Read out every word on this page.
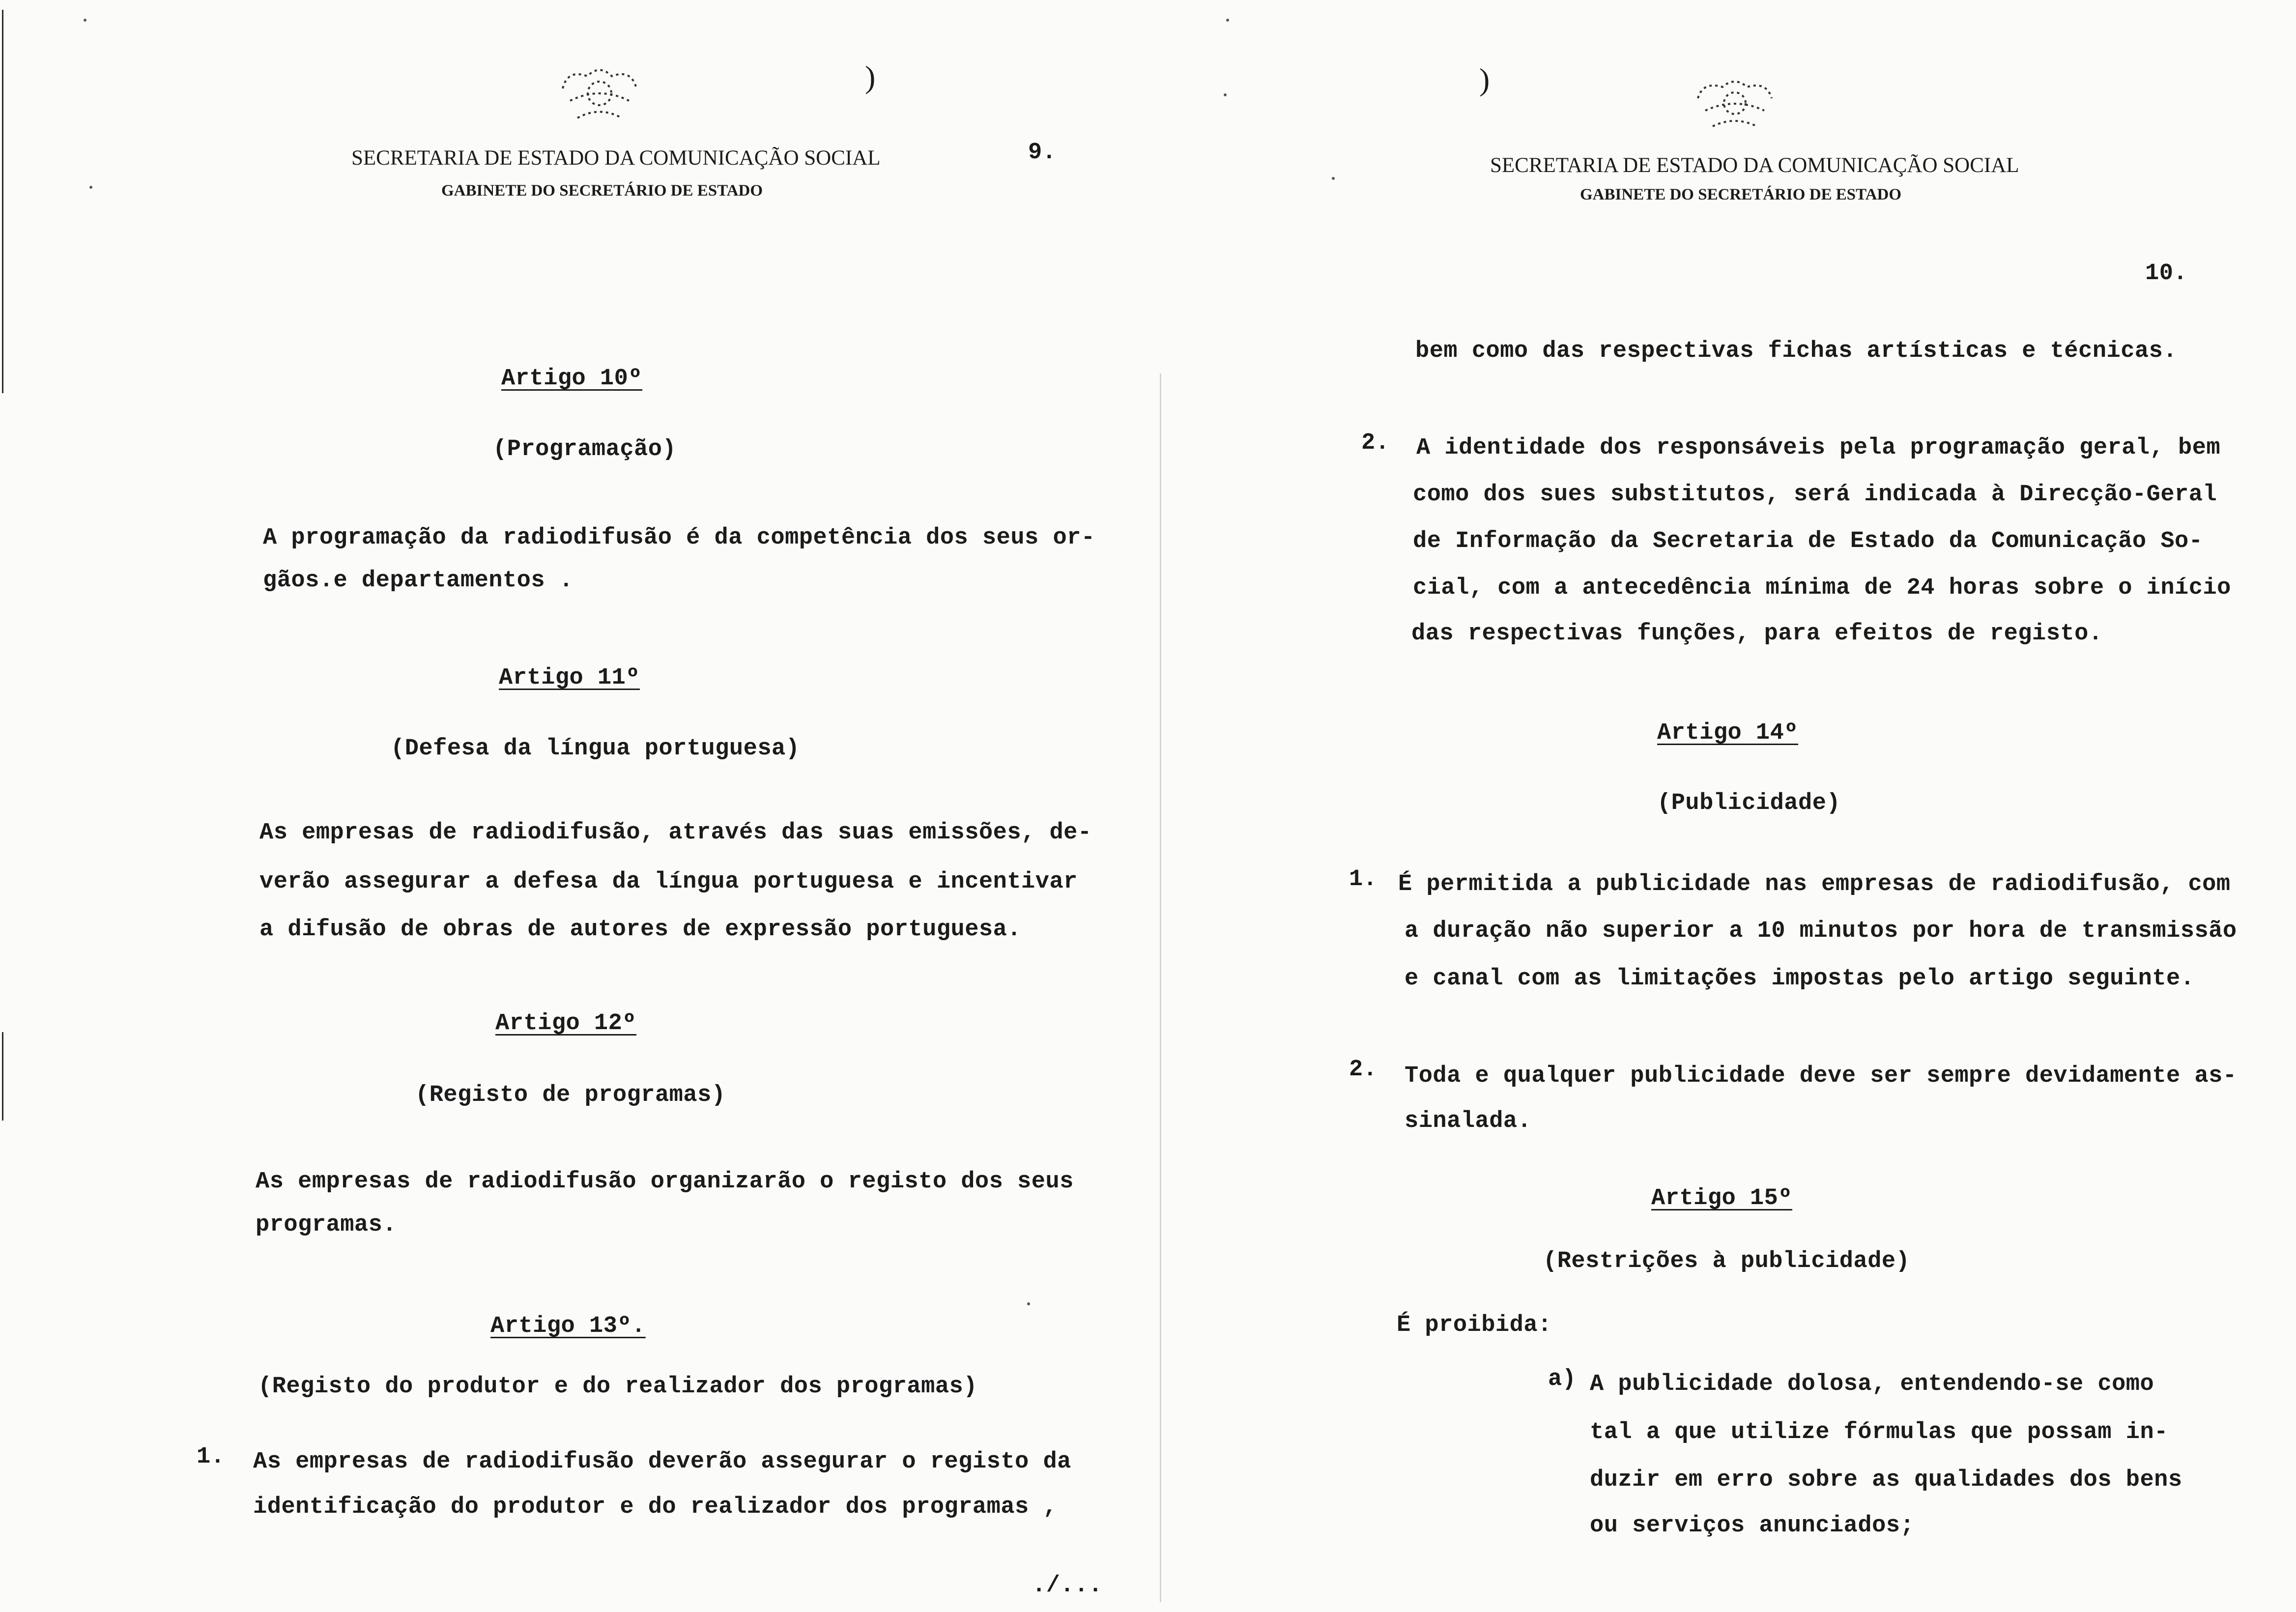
SECRETARIA DE ESTADO DA COMUNICAÇÃO SOCIAL
GABINETE DO SECRETÁRIO DE ESTADO
)
9.
Artigo 10º
(Programação)
A programação da radiodifusão é da competência dos seus or-
gãos.e departamentos .
Artigo 11º
(Defesa da língua portuguesa)
As empresas de radiodifusão, através das suas emissões, de-
verão assegurar a defesa da língua portuguesa e incentivar
a difusão de obras de autores de expressão portuguesa.
Artigo 12º
(Registo de programas)
As empresas de radiodifusão organizarão o registo dos seus
programas.
Artigo 13º.
(Registo do produtor e do realizador dos programas)
1. As empresas de radiodifusão deverão assegurar o registo da
identificação do produtor e do realizador dos programas ,
./...
)
SECRETARIA DE ESTADO DA COMUNICAÇÃO SOCIAL
GABINETE DO SECRETÁRIO DE ESTADO
10.
bem como das respectivas fichas artísticas e técnicas.
2. A identidade dos responsáveis pela programação geral, bem
como dos sues substitutos, será indicada à Direcção-Geral
de Informação da Secretaria de Estado da Comunicação So-
cial, com a antecedência mínima de 24 horas sobre o início
das respectivas funções, para efeitos de registo.
Artigo 14º
(Publicidade)
1. É permitida a publicidade nas empresas de radiodifusão, com
a duração não superior a 10 minutos por hora de transmissão
e canal com as limitações impostas pelo artigo seguinte.
2. Toda e qualquer publicidade deve ser sempre devidamente as-
sinalada.
Artigo 15º
(Restrições à publicidade)
É proibida:
a) A publicidade dolosa, entendendo-se como
tal a que utilize fórmulas que possam in-
duzir em erro sobre as qualidades dos bens
ou serviços anunciados;
